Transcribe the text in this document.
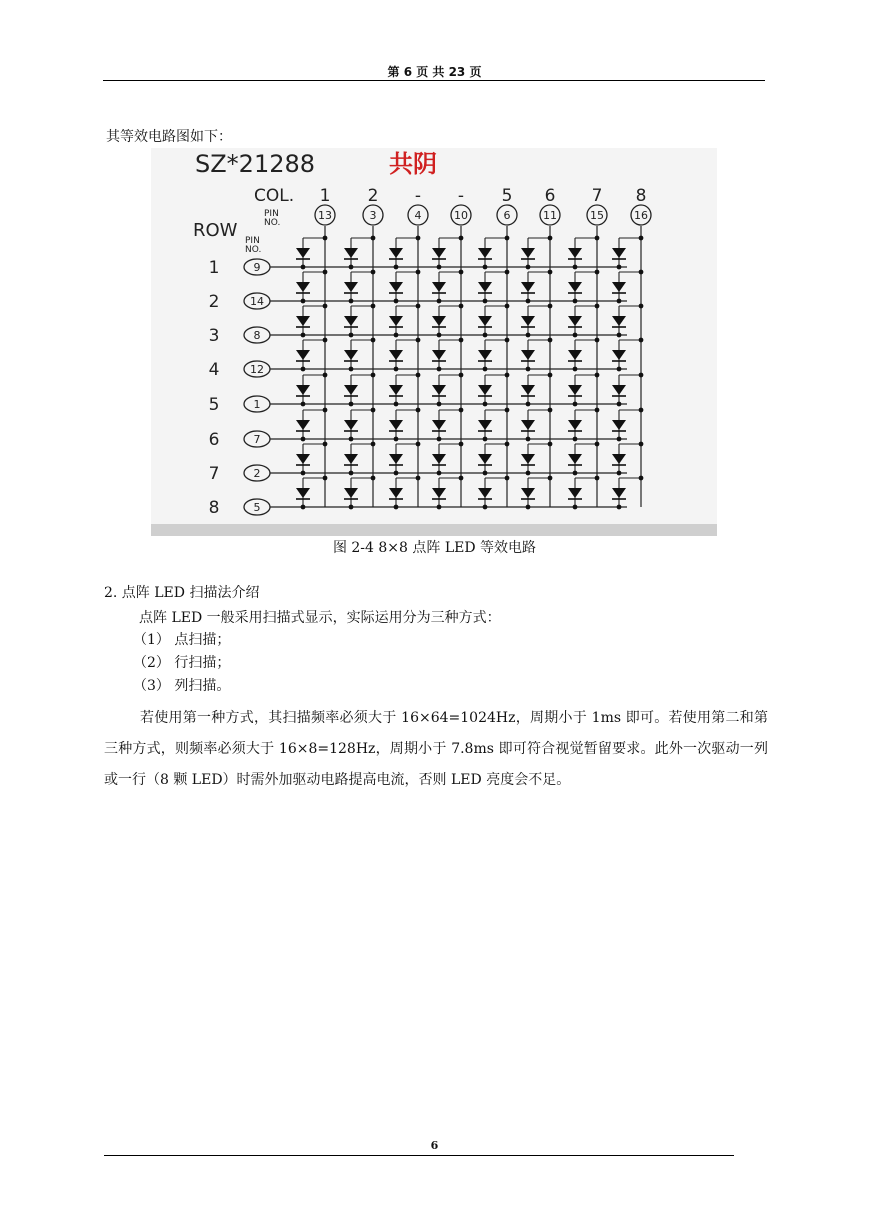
第 6 页 共 23 页
其等效电路图如下：
SZ*21288	共阴
COL.
PIN
NO.
ROW PIN
NO.
1 2 - - 5 6 7 8
13	3	4	10	6	11	15	16
1
2
3
4
5
6
7
8
9
14
8
12
1
7
2
5
图 2-4 8×8 点阵 LED 等效电路
2. 点阵 LED 扫描法介绍
点阵 LED 一般采用扫描式显示，实际运用分为三种方式：
（1） 点扫描；
（2） 行扫描；
（3） 列扫描。
若使用第一种方式，其扫描频率必须大于 16×64=1024Hz，周期小于 1ms 即可。若使用第二和第三种方式，则频率必须大于 16×8=128Hz，周期小于 7.8ms 即可符合视觉暂留要求。此外一次驱动一列或一行（8 颗 LED）时需外加驱动电路提高电流，否则 LED 亮度会不足。
6
